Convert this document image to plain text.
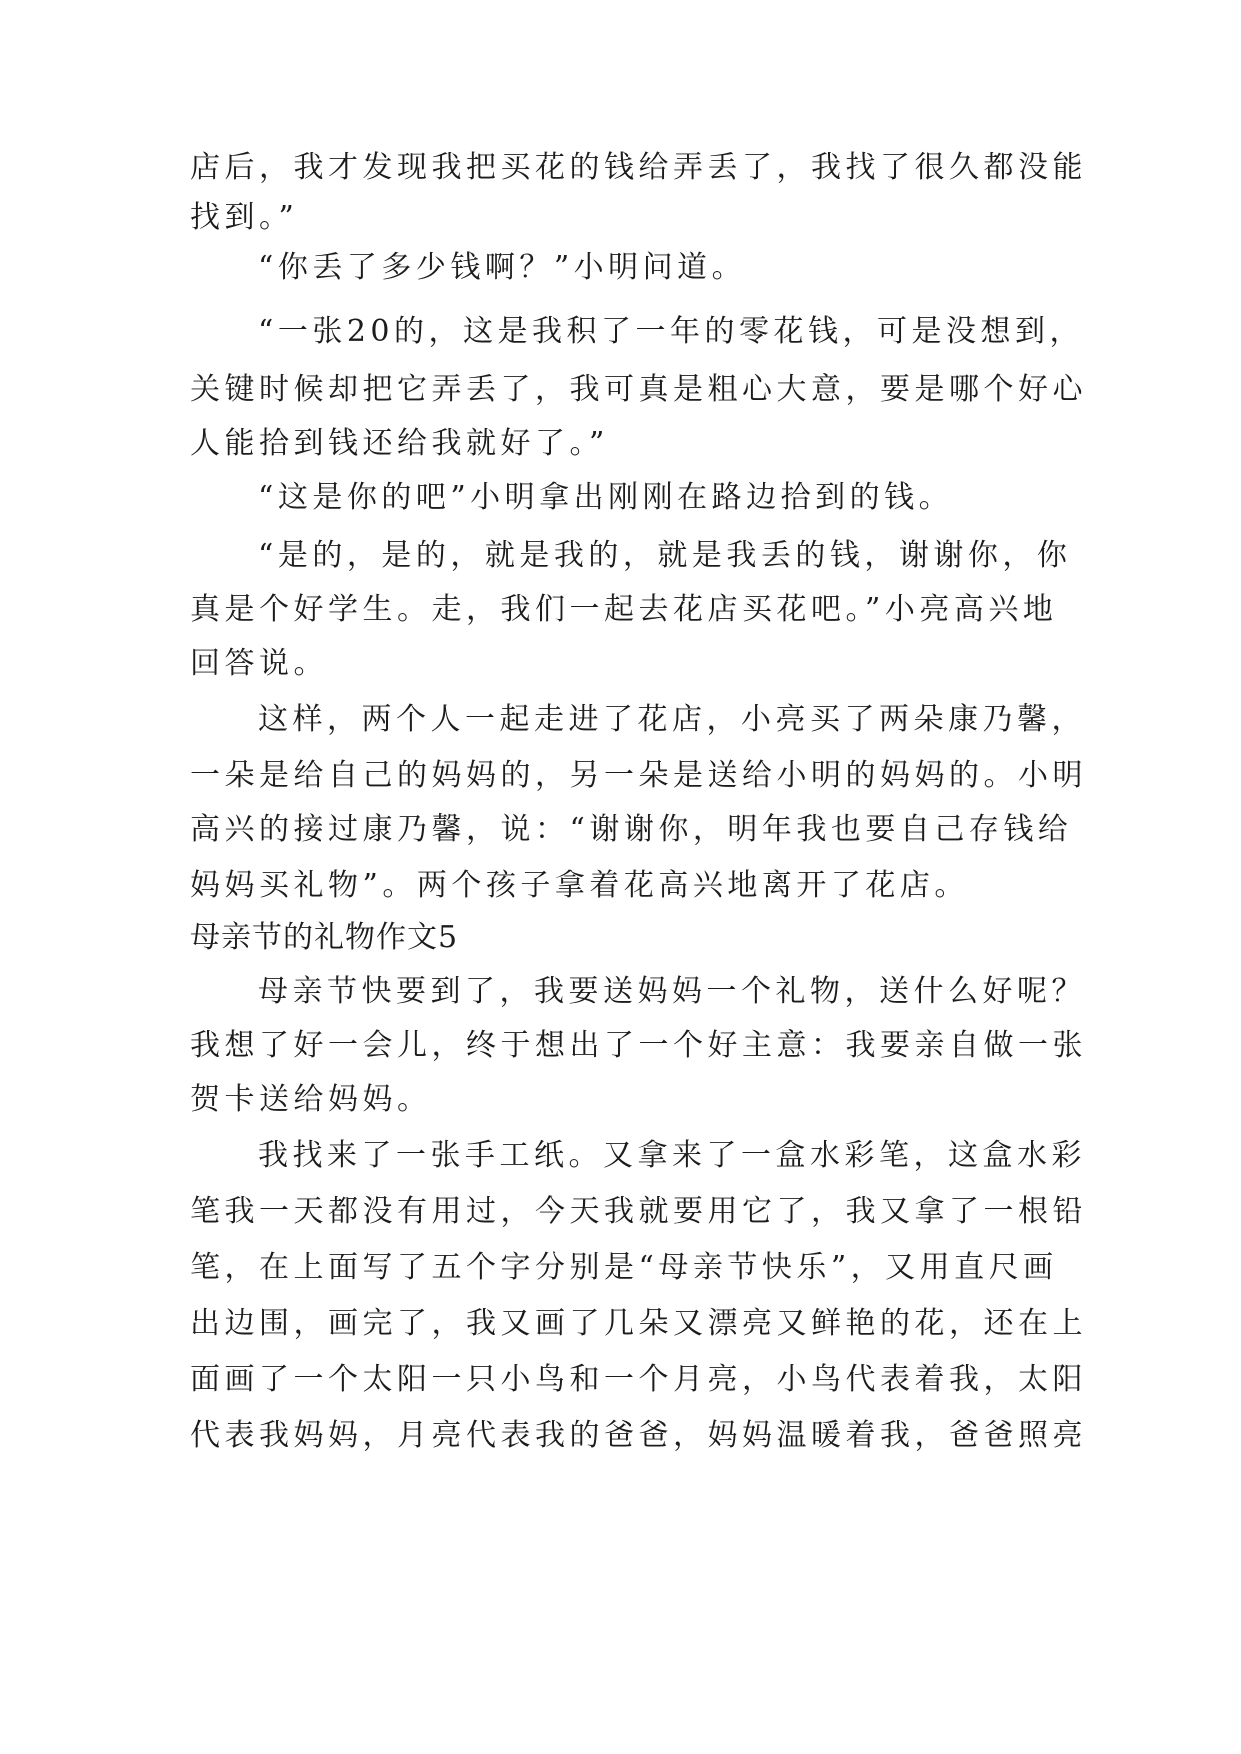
店后，我才发现我把买花的钱给弄丢了，我找了很久都没能

找到。”

“你丢了多少钱啊？”小明问道。

“一张20的，这是我积了一年的零花钱，可是没想到，

关键时候却把它弄丢了，我可真是粗心大意，要是哪个好心

人能拾到钱还给我就好了。”

“这是你的吧”小明拿出刚刚在路边拾到的钱。

“是的，是的，就是我的，就是我丢的钱，谢谢你，你

真是个好学生。走，我们一起去花店买花吧。”小亮高兴地

回答说。

这样，两个人一起走进了花店，小亮买了两朵康乃馨，

一朵是给自己的妈妈的，另一朵是送给小明的妈妈的。小明

高兴的接过康乃馨，说：“谢谢你，明年我也要自己存钱给

妈妈买礼物”。两个孩子拿着花高兴地离开了花店。

母亲节的礼物作文5

母亲节快要到了，我要送妈妈一个礼物，送什么好呢？

我想了好一会儿，终于想出了一个好主意：我要亲自做一张

贺卡送给妈妈。

我找来了一张手工纸。又拿来了一盒水彩笔，这盒水彩

笔我一天都没有用过，今天我就要用它了，我又拿了一根铅

笔，在上面写了五个字分别是“母亲节快乐”，又用直尺画

出边围，画完了，我又画了几朵又漂亮又鲜艳的花，还在上

面画了一个太阳一只小鸟和一个月亮，小鸟代表着我，太阳

代表我妈妈，月亮代表我的爸爸，妈妈温暖着我，爸爸照亮
